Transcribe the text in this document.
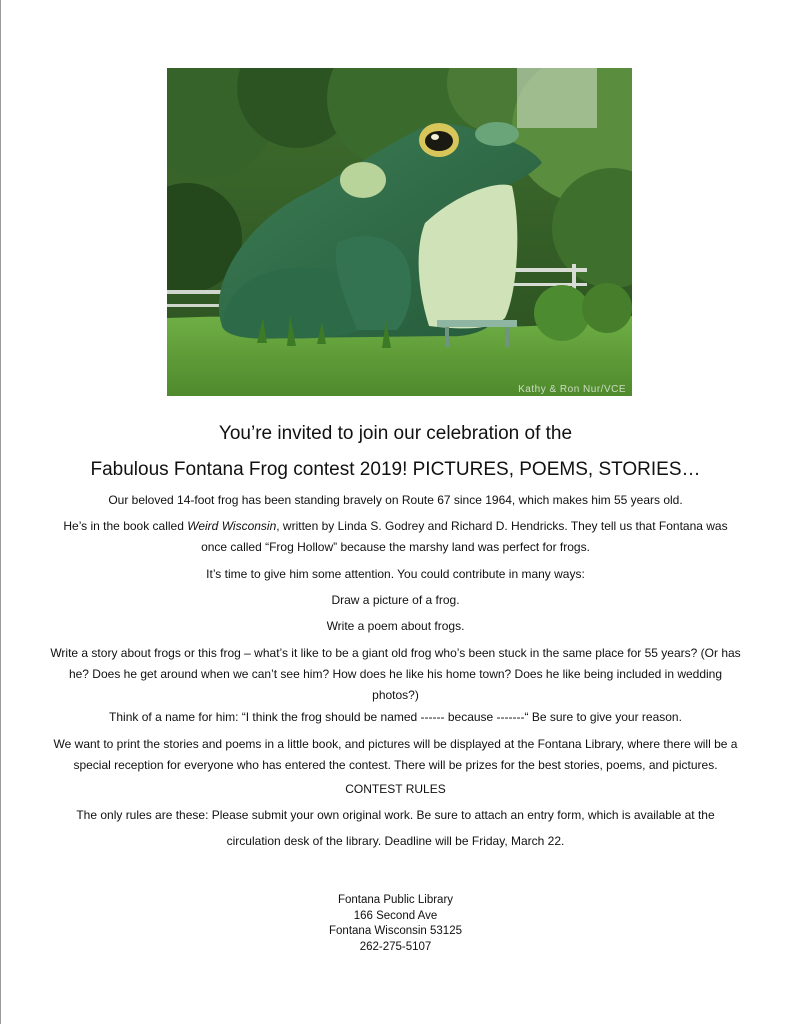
Kathy & Ron Nur/VCE
You’re invited to join our celebration of the
Fabulous Fontana Frog contest 2019! PICTURES, POEMS, STORIES…
Our beloved 14-foot frog has been standing bravely on Route 67 since 1964, which makes him 55 years old.
He’s in the book called Weird Wisconsin, written by Linda S. Godrey and Richard D. Hendricks. They tell us that Fontana was once called “Frog Hollow” because the marshy land was perfect for frogs.
It’s time to give him some attention. You could contribute in many ways:
Draw a picture of a frog.
Write a poem about frogs.
Write a story about frogs or this frog – what’s it like to be a giant old frog who’s been stuck in the same place for 55 years? (Or has he? Does he get around when we can’t see him? How does he like his home town? Does he like being included in wedding photos?)
Think of a name for him: “I think the frog should be named ------ because -------“ Be sure to give your reason.
We want to print the stories and poems in a little book, and pictures will be displayed at the Fontana Library, where there will be a special reception for everyone who has entered the contest. There will be prizes for the best stories, poems, and pictures.
CONTEST RULES
The only rules are these: Please submit your own original work. Be sure to attach an entry form, which is available at the
circulation desk of the library. Deadline will be Friday, March 22.
Fontana Public Library
166 Second Ave
Fontana Wisconsin 53125
262-275-5107
